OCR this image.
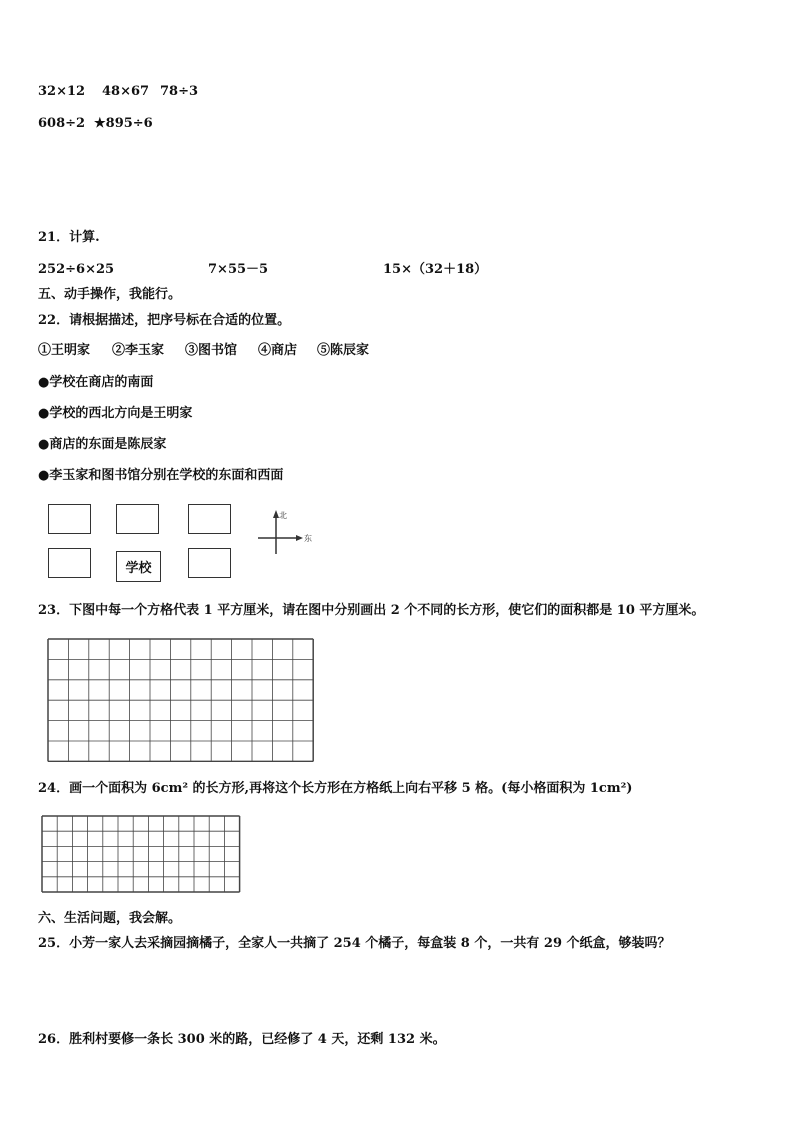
32×12 48×67 78÷3
608÷2 ★895÷6
21．计算.
252÷6×25	7×55－5	15×（32＋18）
五、动手操作，我能行。
22．请根据描述，把序号标在合适的位置。
①王明家 ②李玉家 ③图书馆 ④商店 ⑤陈辰家
●学校在商店的南面
●学校的西北方向是王明家
●商店的东面是陈辰家
●李玉家和图书馆分别在学校的东面和西面
学校
北
东
23．下图中每一个方格代表 1 平方厘米，请在图中分别画出 2 个不同的长方形，使它们的面积都是 10 平方厘米。
24．画一个面积为 6cm² 的长方形,再将这个长方形在方格纸上向右平移 5 格。(每小格面积为 1cm²)
六、生活问题，我会解。
25．小芳一家人去采摘园摘橘子，全家人一共摘了 254 个橘子，每盒装 8 个，一共有 29 个纸盒，够装吗？
26．胜利村要修一条长 300 米的路，已经修了 4 天，还剩 132 米。
